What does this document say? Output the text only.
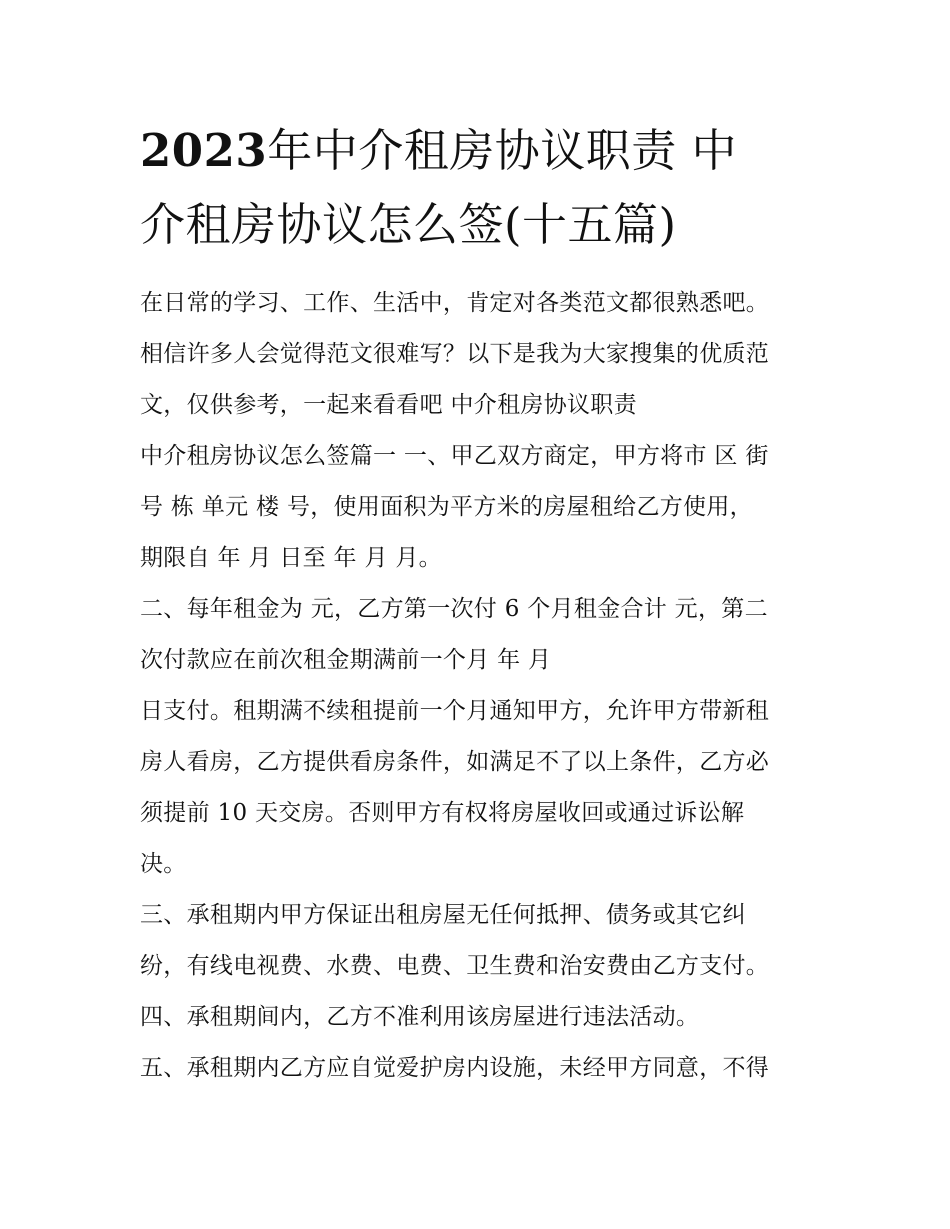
2023年中介租房协议职责 中
介租房协议怎么签(十五篇)
在日常的学习、工作、生活中，肯定对各类范文都很熟悉吧。
相信许多人会觉得范文很难写？以下是我为大家搜集的优质范
文，仅供参考，一起来看看吧 中介租房协议职责
中介租房协议怎么签篇一 一、甲乙双方商定，甲方将市 区 街
号 栋 单元 楼 号，使用面积为平方米的房屋租给乙方使用，
期限自 年 月 日至 年 月 月。
二、每年租金为 元，乙方第一次付 6 个月租金合计 元，第二
次付款应在前次租金期满前一个月 年 月
日支付。租期满不续租提前一个月通知甲方，允许甲方带新租
房人看房，乙方提供看房条件，如满足不了以上条件，乙方必
须提前 10 天交房。否则甲方有权将房屋收回或通过诉讼解
决。
三、承租期内甲方保证出租房屋无任何抵押、债务或其它纠
纷，有线电视费、水费、电费、卫生费和治安费由乙方支付。
四、承租期间内，乙方不准利用该房屋进行违法活动。
五、承租期内乙方应自觉爱护房内设施，未经甲方同意，不得
